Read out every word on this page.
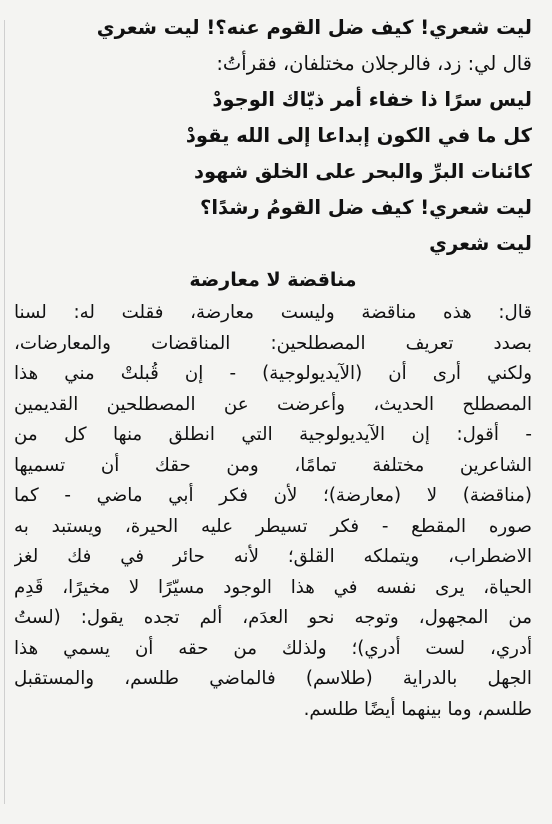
ليت شعري! كيف ضل القوم عنه؟! ليت شعري
قال لي: زد، فالرجلان مختلفان، فقرأتُ:
ليس سرًا ذا خفاء أمر ذيّاك الوجودْ
كل ما في الكون إبداعا إلى الله يقودْ
كائنات البرِّ والبحر على الخلق شهود
ليت شعري! كيف ضل القومُ رشدًا؟
ليت شعري
مناقضة لا معارضة
قال: هذه مناقضة وليست معارضة، فقلت له: لسنا
بصدد تعريف المصطلحين: المناقضات والمعارضات،
ولكني أرى أن (الآيديولوجية) - إن قُبلتْ مني هذا
المصطلح الحديث، وأعرضت عن المصطلحين القديمين
- أقول: إن الآيديولوجية التي انطلق منها كل من
الشاعرين مختلفة تمامًا، ومن حقك أن تسميها
(مناقضة) لا (معارضة)؛ لأن فكر أبي ماضي - كما
صوره المقطع - فكر تسيطر عليه الحيرة، ويستبد به
الاضطراب، ويتملكه القلق؛ لأنه حائر في فك لغز
الحياة، يرى نفسه في هذا الوجود مسيّرًا لا مخيرًا، قَدِم
من المجهول، وتوجه نحو العدَم، ألم تجده يقول: (لستُ
أدري، لست أدري)؛ ولذلك من حقه أن يسمي هذا
الجهل بالدراية (طلاسم) فالماضي طلسم، والمستقبل
طلسم، وما بينهما أيضًا طلسم.
